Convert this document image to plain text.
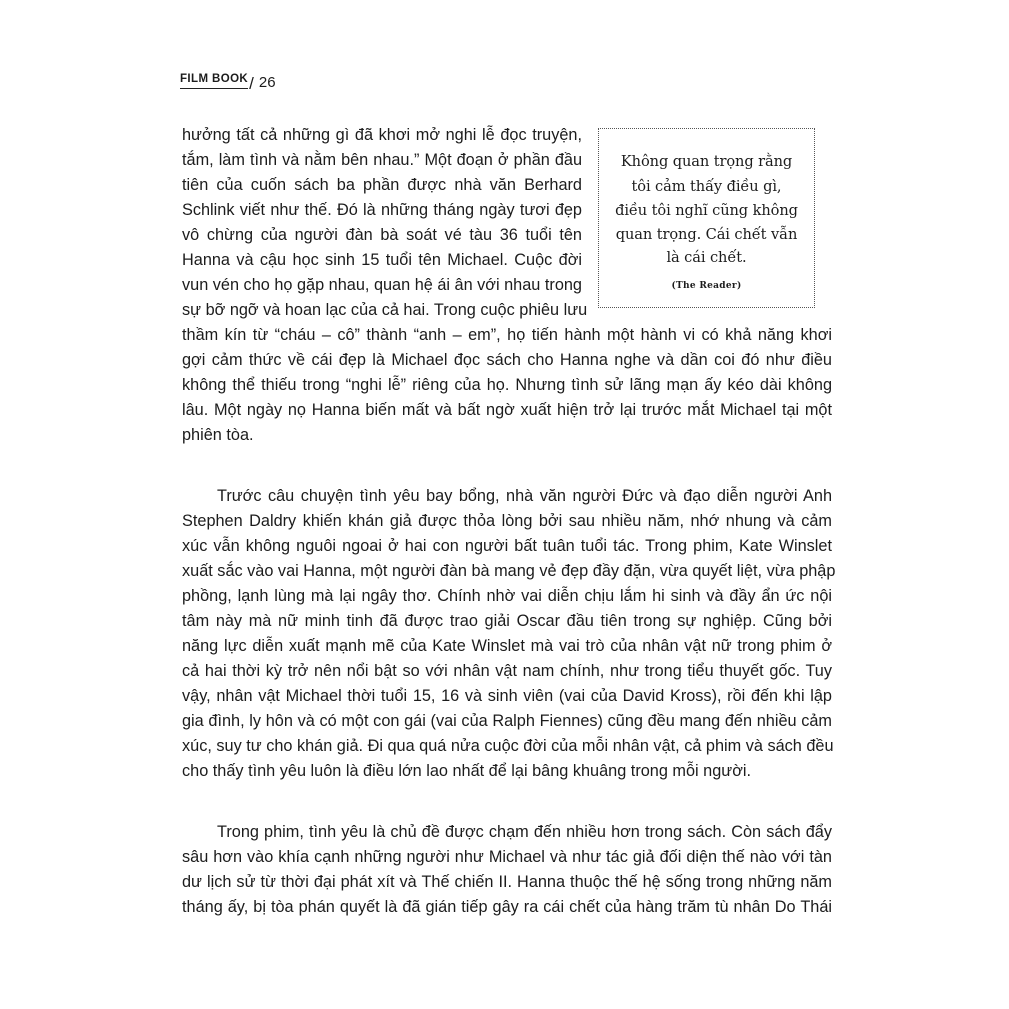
FILM BOOK / 26
Không quan trọng rằng
tôi cảm thấy điều gì,
điều tôi nghĩ cũng không
quan trọng. Cái chết vẫn
là cái chết.
(The Reader)
hưởng tất cả những gì đã khơi mở nghi lễ đọc truyện,
tắm, làm tình và nằm bên nhau.” Một đoạn ở phần đầu
tiên của cuốn sách ba phần được nhà văn Berhard
Schlink viết như thế. Đó là những tháng ngày tươi đẹp
vô chừng của người đàn bà soát vé tàu 36 tuổi tên
Hanna và cậu học sinh 15 tuổi tên Michael. Cuộc đời
vun vén cho họ gặp nhau, quan hệ ái ân với nhau trong
sự bỡ ngỡ và hoan lạc của cả hai. Trong cuộc phiêu lưu
thầm kín từ “cháu – cô” thành “anh – em”, họ tiến hành một hành vi có khả năng khơi
gợi cảm thức về cái đẹp là Michael đọc sách cho Hanna nghe và dần coi đó như điều
không thể thiếu trong “nghi lễ” riêng của họ. Nhưng tình sử lãng mạn ấy kéo dài không
lâu. Một ngày nọ Hanna biến mất và bất ngờ xuất hiện trở lại trước mắt Michael tại một
phiên tòa.
Trước câu chuyện tình yêu bay bổng, nhà văn người Đức và đạo diễn người Anh
Stephen Daldry khiến khán giả được thỏa lòng bởi sau nhiều năm, nhớ nhung và cảm
xúc vẫn không nguôi ngoai ở hai con người bất tuân tuổi tác. Trong phim, Kate Winslet
xuất sắc vào vai Hanna, một người đàn bà mang vẻ đẹp đầy đặn, vừa quyết liệt, vừa phập
phồng, lạnh lùng mà lại ngây thơ. Chính nhờ vai diễn chịu lắm hi sinh và đầy ẩn ức nội
tâm này mà nữ minh tinh đã được trao giải Oscar đầu tiên trong sự nghiệp. Cũng bởi
năng lực diễn xuất mạnh mẽ của Kate Winslet mà vai trò của nhân vật nữ trong phim ở
cả hai thời kỳ trở nên nổi bật so với nhân vật nam chính, như trong tiểu thuyết gốc. Tuy
vậy, nhân vật Michael thời tuổi 15, 16 và sinh viên (vai của David Kross), rồi đến khi lập
gia đình, ly hôn và có một con gái (vai của Ralph Fiennes) cũng đều mang đến nhiều cảm
xúc, suy tư cho khán giả. Đi qua quá nửa cuộc đời của mỗi nhân vật, cả phim và sách đều
cho thấy tình yêu luôn là điều lớn lao nhất để lại bâng khuâng trong mỗi người.
Trong phim, tình yêu là chủ đề được chạm đến nhiều hơn trong sách. Còn sách đẩy
sâu hơn vào khía cạnh những người như Michael và như tác giả đối diện thế nào với tàn
dư lịch sử từ thời đại phát xít và Thế chiến II. Hanna thuộc thế hệ sống trong những năm
tháng ấy, bị tòa phán quyết là đã gián tiếp gây ra cái chết của hàng trăm tù nhân Do Thái
